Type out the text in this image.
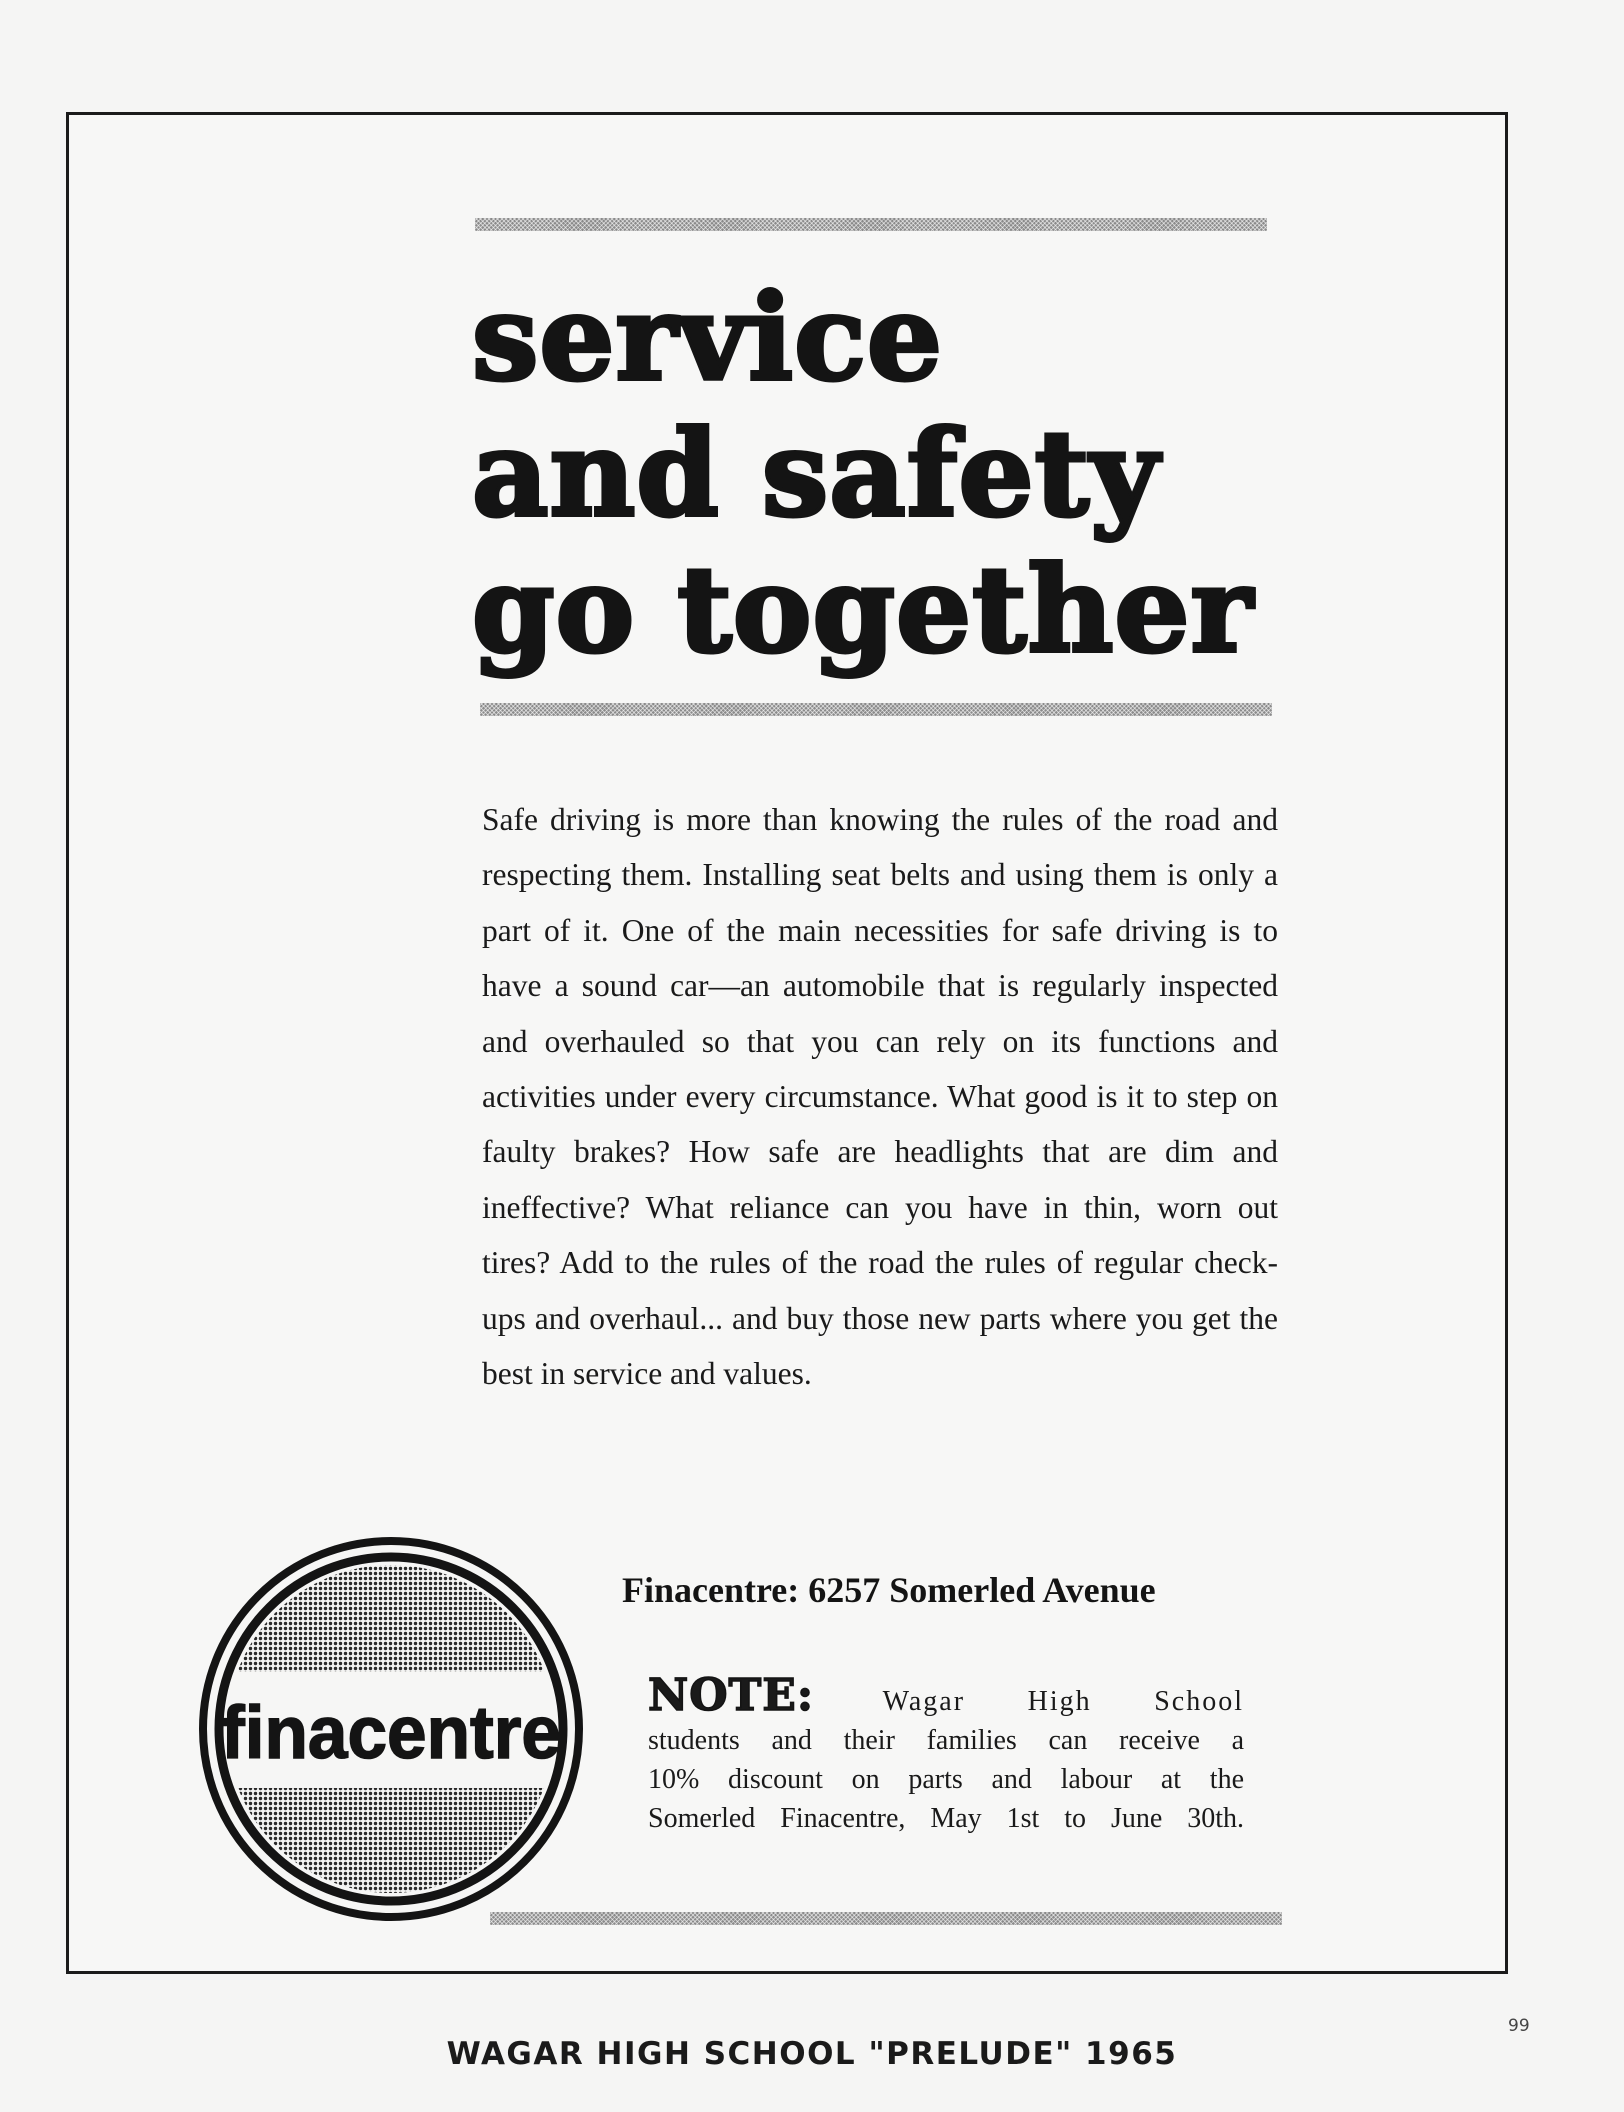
service
and safety
go together

Safe driving is more than knowing the rules of the road and respecting them. Installing seat belts and using them is only a part of it. One of the main necessities for safe driving is to have a sound car—an automobile that is regularly inspected and overhauled so that you can rely on its functions and activities under every circumstance. What good is it to step on faulty brakes? How safe are headlights that are dim and ineffective? What reliance can you have in thin, worn out tires? Add to the rules of the road the rules of regular check-ups and overhaul... and buy those new parts where you get the best in service and values.

finacentre
Finacentre: 6257 Somerled Avenue
NOTE: Wagar High School
students and their families can receive a
10% discount on parts and labour at the
Somerled Finacentre, May 1st to June 30th.
WAGAR HIGH SCHOOL "PRELUDE" 1965
99
